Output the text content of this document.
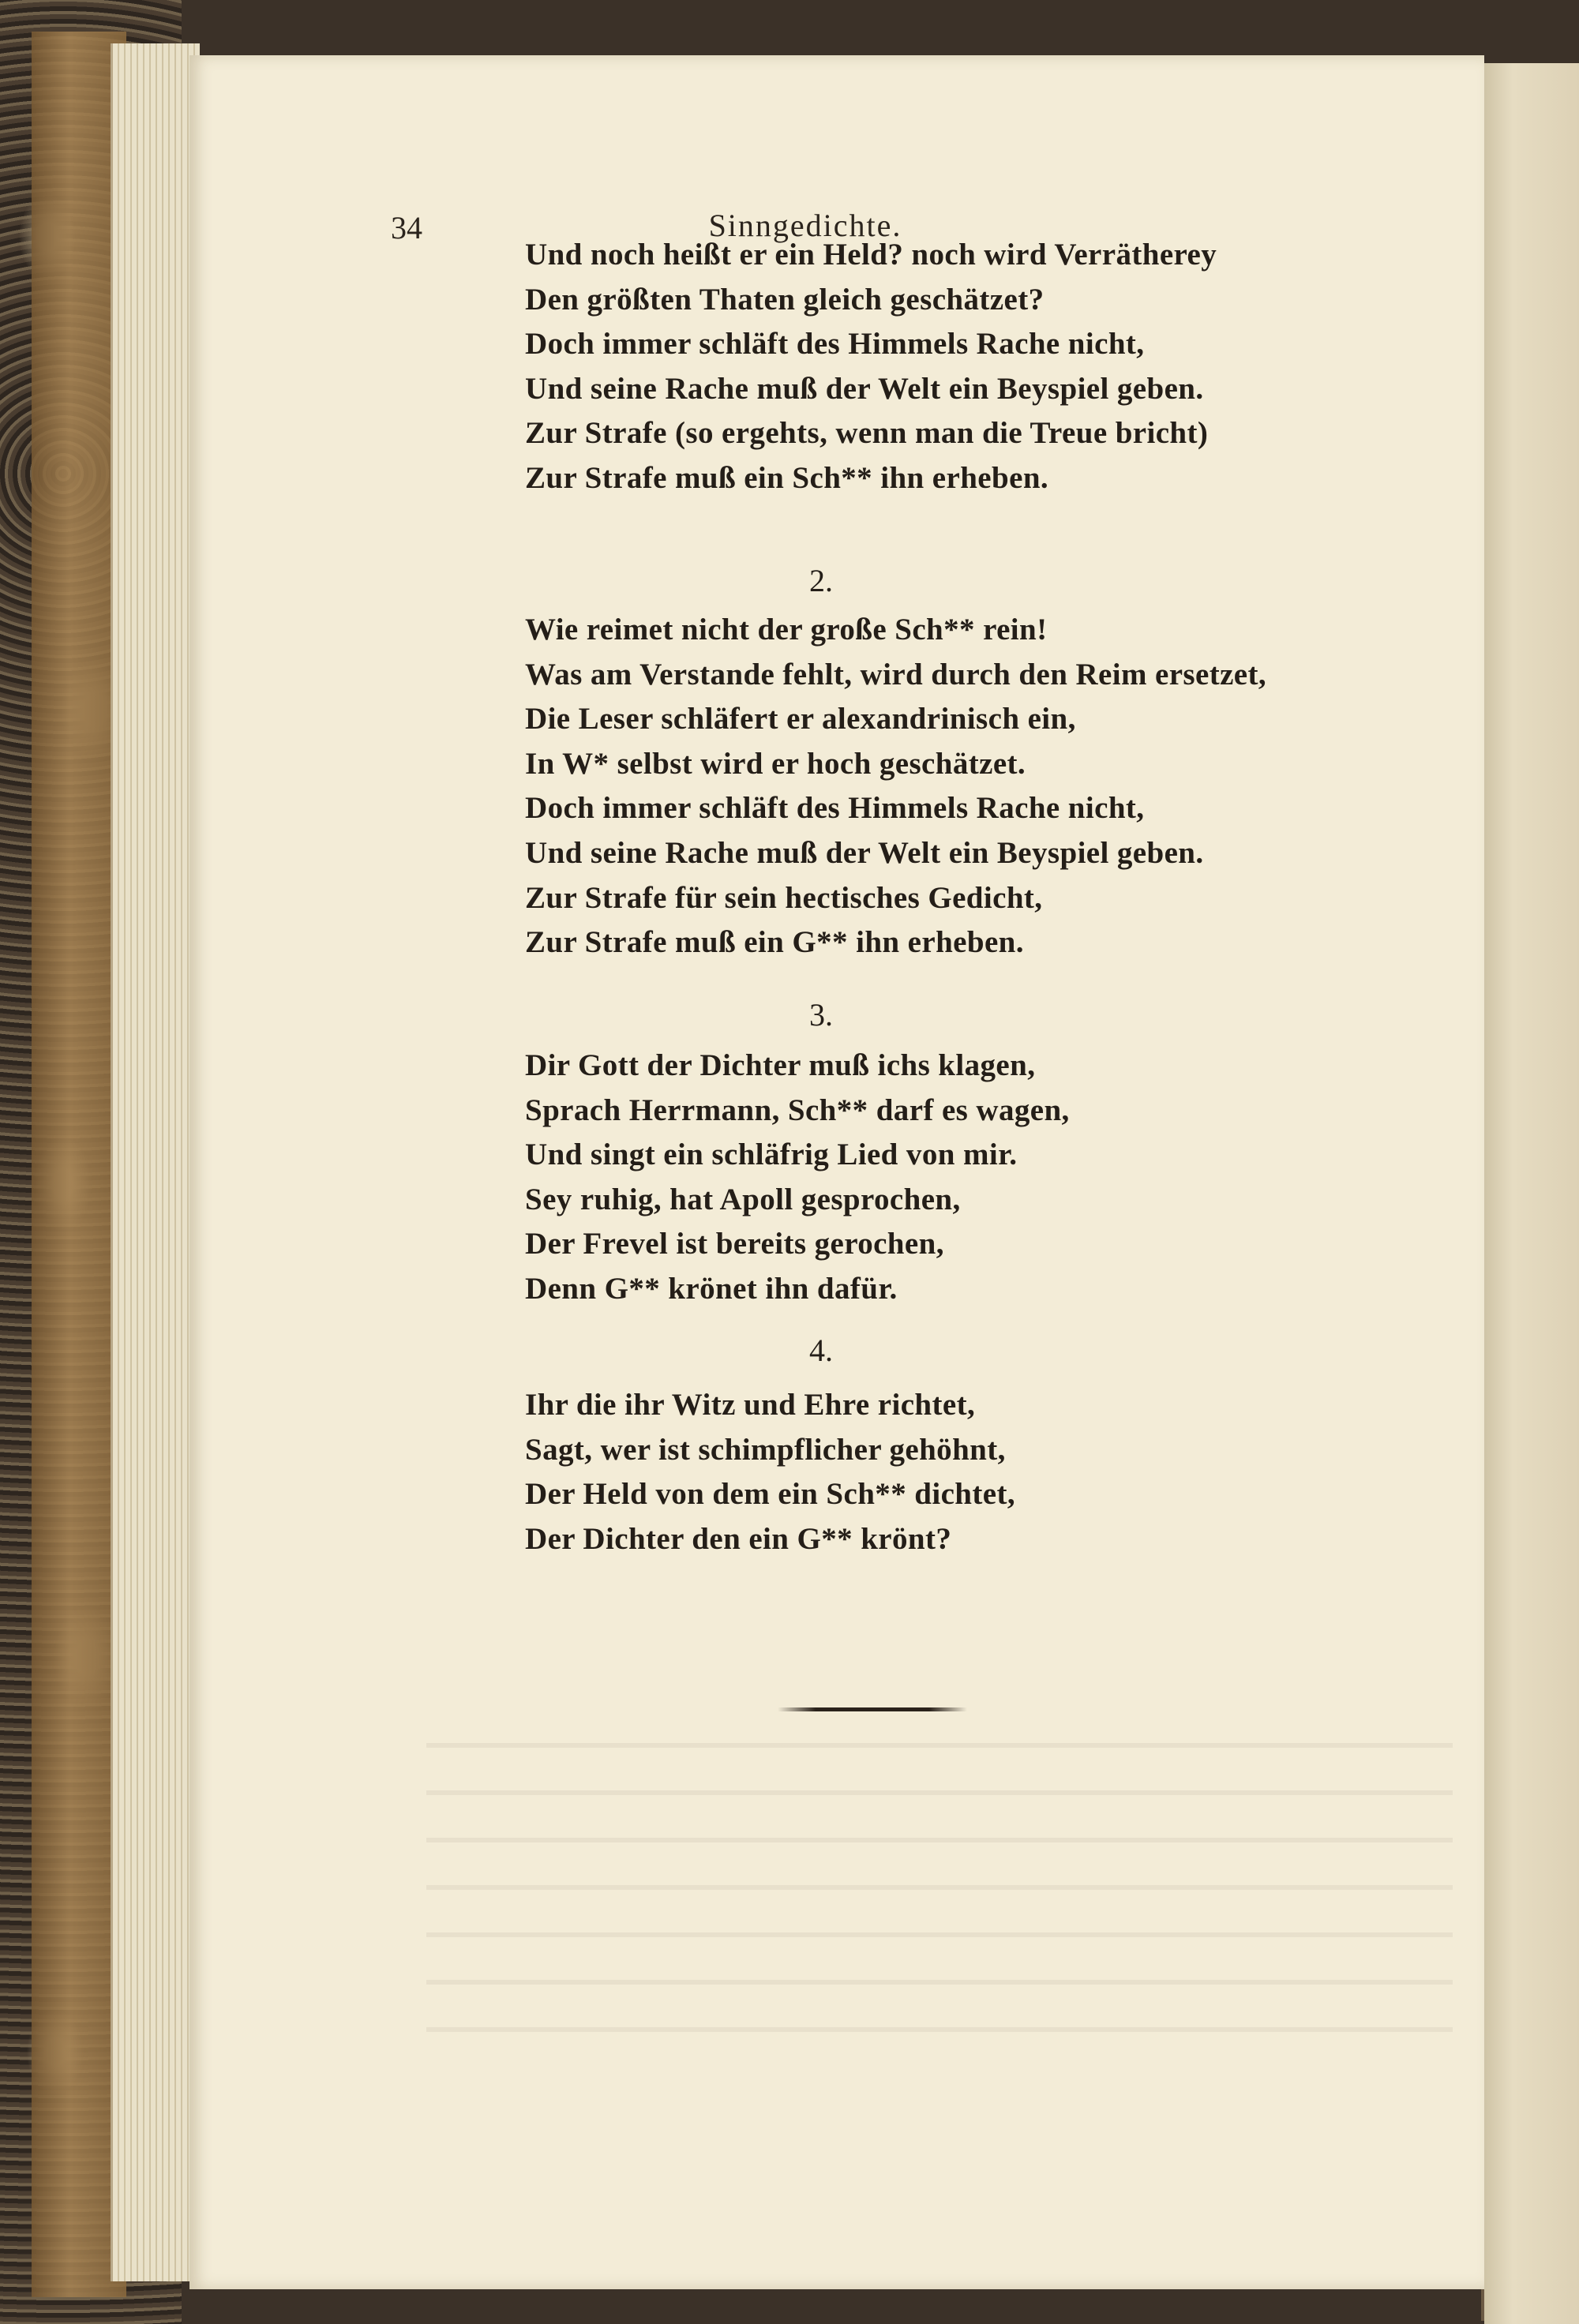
34	Sinngedichte.
Und noch heißt er ein Held? noch wird Verrätherey
Den größten Thaten gleich geschätzet?
Doch immer schläft des Himmels Rache nicht,
Und seine Rache muß der Welt ein Beyspiel geben.
Zur Strafe (so ergehts, wenn man die Treue bricht)
Zur Strafe muß ein Sch** ihn erheben.
2.
Wie reimet nicht der große Sch** rein!
Was am Verstande fehlt, wird durch den Reim ersetzet,
Die Leser schläfert er alexandrinisch ein,
In W* selbst wird er hoch geschätzet.
Doch immer schläft des Himmels Rache nicht,
Und seine Rache muß der Welt ein Beyspiel geben.
Zur Strafe für sein hectisches Gedicht,
Zur Strafe muß ein G** ihn erheben.
3.
Dir Gott der Dichter muß ichs klagen,
Sprach Herrmann, Sch** darf es wagen,
Und singt ein schläfrig Lied von mir.
Sey ruhig, hat Apoll gesprochen,
Der Frevel ist bereits gerochen,
Denn G** krönet ihn dafür.
4.
Ihr die ihr Witz und Ehre richtet,
Sagt, wer ist schimpflicher gehöhnt,
Der Held von dem ein Sch** dichtet,
Der Dichter den ein G** krönt?
